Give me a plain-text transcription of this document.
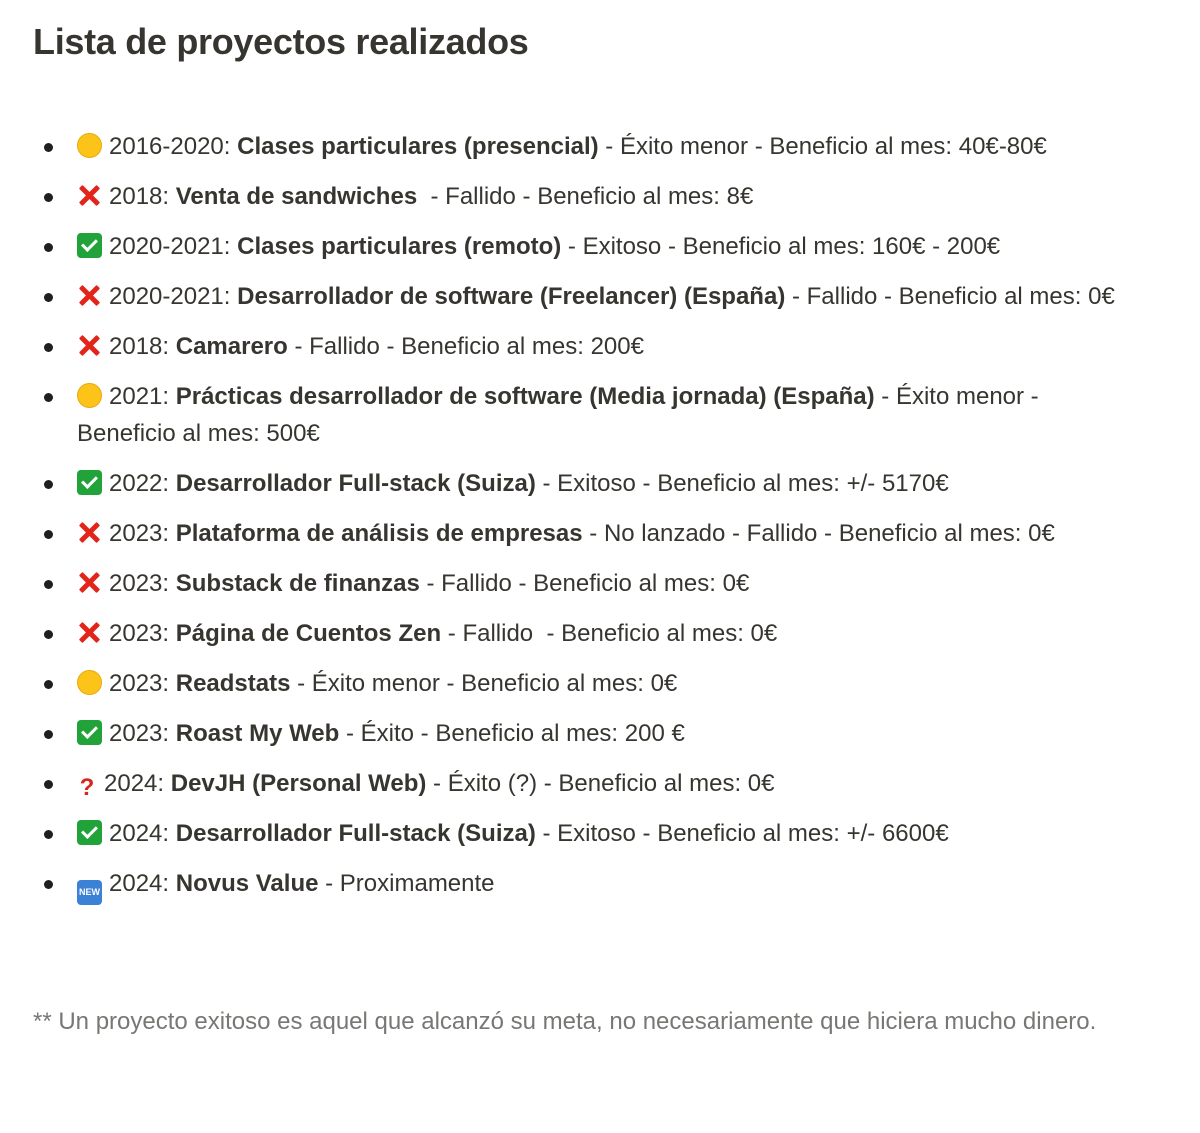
Lista de proyectos realizados
2016-2020: Clases particulares (presencial) - Éxito menor - Beneficio al mes: 40€-80€
2018: Venta de sandwiches  - Fallido - Beneficio al mes: 8€
2020-2021: Clases particulares (remoto) - Exitoso - Beneficio al mes: 160€ - 200€
2020-2021: Desarrollador de software (Freelancer) (España) - Fallido - Beneficio al mes: 0€
2018: Camarero - Fallido - Beneficio al mes: 200€
2021: Prácticas desarrollador de software (Media jornada) (España) - Éxito menor - Beneficio al mes: 500€
2022: Desarrollador Full-stack (Suiza) - Exitoso - Beneficio al mes: +/- 5170€
2023: Plataforma de análisis de empresas - No lanzado - Fallido - Beneficio al mes: 0€
2023: Substack de finanzas - Fallido - Beneficio al mes: 0€
2023: Página de Cuentos Zen - Fallido  - Beneficio al mes: 0€
2023: Readstats - Éxito menor - Beneficio al mes: 0€
2023: Roast My Web - Éxito - Beneficio al mes: 200 €
? 2024: DevJH (Personal Web) - Éxito (?) - Beneficio al mes: 0€
2024: Desarrollador Full-stack (Suiza) - Exitoso - Beneficio al mes: +/- 6600€
NEW 2024: Novus Value - Proximamente

** Un proyecto exitoso es aquel que alcanzó su meta, no necesariamente que hiciera mucho dinero.
